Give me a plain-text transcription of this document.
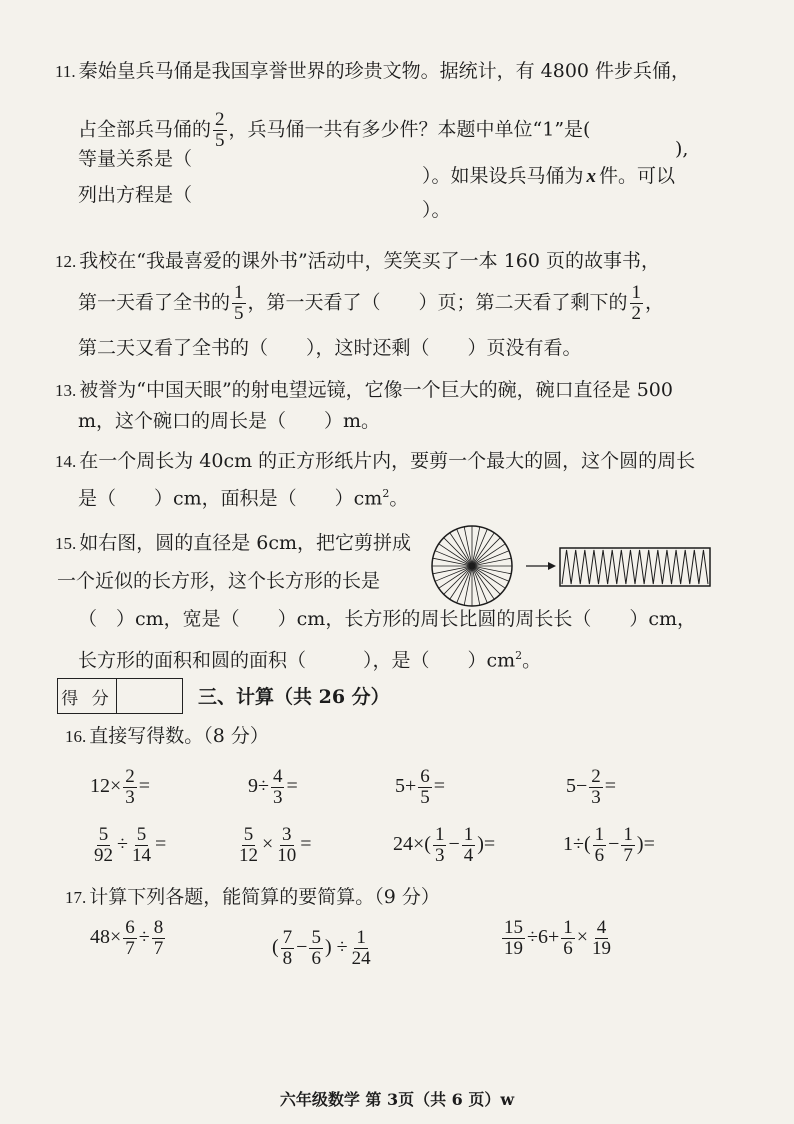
11. 秦始皇兵马俑是我国享誉世界的珍贵文物。据统计，有 4800 件步兵俑，
占全部兵马俑的 $\frac{2}{5}$ ，兵马俑一共有多少件？本题中单位“1”是(
),
等量关系是（
）。如果设兵马俑为 x 件。可以
列出方程是（
）。
12. 我校在“我最喜爱的课外书”活动中，笑笑买了一本 160 页的故事书，
第一天看了全书的 $\frac{1}{5}$ ，第一天看了（　　）页；第二天看了剩下的 $\frac{1}{2}$ ，
第二天又看了全书的（　　），这时还剩（　　）页没有看。
13. 被誉为“中国天眼”的射电望远镜，它像一个巨大的碗，碗口直径是 500
m，这个碗口的周长是（　　）m。
14. 在一个周长为 40cm 的正方形纸片内，要剪一个最大的圆，这个圆的周长
是（　　）cm，面积是（　　）$cm^2$。
15. 如右图，圆的直径是 6cm，把它剪拼成
一个近似的长方形，这个长方形的长是
（　）cm，宽是（　　）cm，长方形的周长比圆的周长长（　　）cm，
长方形的面积和圆的面积（　　　），是（　　）$cm^2$。
得 分	三、计算（共 26 分）
16. 直接写得数。（8 分）
$12\times \frac{2}{3}$ =	$9\div \frac{4}{3}$ =	$5+ \frac{6}{5}$ =	$5- \frac{2}{3}$ =
$\frac{5}{92} \div \frac{5}{14}$ =	$\frac{5}{12} \times \frac{3}{10}$ =	$24\times( \frac{1}{3} - \frac{1}{4}$ )=	$1\div( \frac{1}{6} - \frac{1}{7}$ )=
17. 计算下列各题，能简算的要简算。（9 分）
$48\times \frac{6}{7} \div \frac{8}{7}$	( $\frac{7}{8} - \frac{5}{6}$ ) ÷ $\frac{1}{24}$	$\frac{15}{19} \div 6+ \frac{1}{6} \times \frac{4}{19}$
六年级数学 第 3页（共 6 页）w
